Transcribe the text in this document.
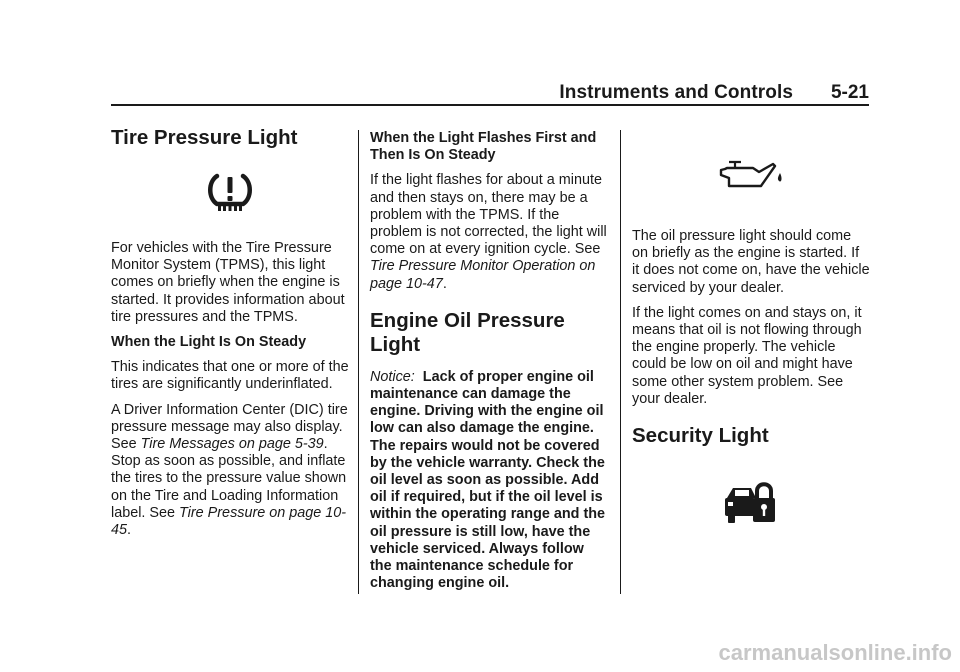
Instruments and Controls 5-21
Tire Pressure Light

For vehicles with the Tire Pressure Monitor System (TPMS), this light comes on briefly when the engine is started. It provides information about tire pressures and the TPMS.

When the Light Is On Steady

This indicates that one or more of the tires are significantly underinflated.

A Driver Information Center (DIC) tire pressure message may also display. See Tire Messages on page 5-39. Stop as soon as possible, and inflate the tires to the pressure value shown on the Tire and Loading Information label. See Tire Pressure on page 10-45.

When the Light Flashes First and Then Is On Steady

If the light flashes for about a minute and then stays on, there may be a problem with the TPMS. If the problem is not corrected, the light will come on at every ignition cycle. See Tire Pressure Monitor Operation on page 10-47.

Engine Oil Pressure Light

Notice: Lack of proper engine oil maintenance can damage the engine. Driving with the engine oil low can also damage the engine. The repairs would not be covered by the vehicle warranty. Check the oil level as soon as possible. Add oil if required, but if the oil level is within the operating range and the oil pressure is still low, have the vehicle serviced. Always follow the maintenance schedule for changing engine oil.

The oil pressure light should come on briefly as the engine is started. If it does not come on, have the vehicle serviced by your dealer.

If the light comes on and stays on, it means that oil is not flowing through the engine properly. The vehicle could be low on oil and might have some other system problem. See your dealer.

Security Light
carmanualsonline.info
